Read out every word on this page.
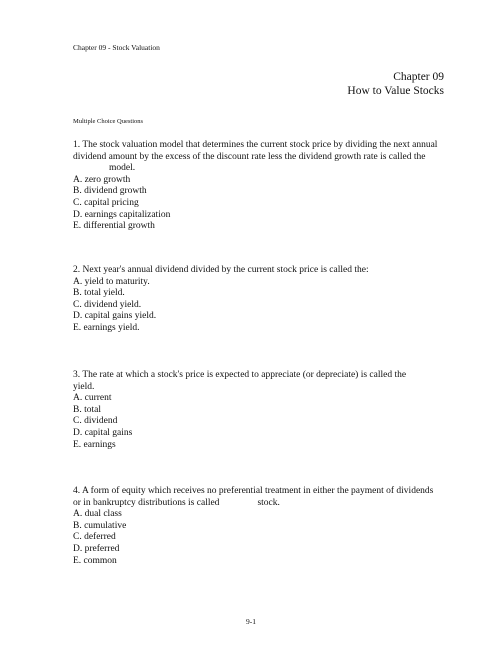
Chapter 09 - Stock Valuation
Chapter 09
How to Value Stocks
Multiple Choice Questions

1. The stock valuation model that determines the current stock price by dividing the next annual
dividend amount by the excess of the discount rate less the dividend growth rate is called the
model.

A. zero growth
B. dividend growth
C. capital pricing
D. earnings capitalization
E. differential growth

2. Next year's annual dividend divided by the current stock price is called the:

A. yield to maturity.
B. total yield.
C. dividend yield.
D. capital gains yield.
E. earnings yield.

3. The rate at which a stock's price is expected to appreciate (or depreciate) is called the
yield.

A. current
B. total
C. dividend
D. capital gains
E. earnings

4. A form of equity which receives no preferential treatment in either the payment of dividends
or in bankruptcy distributions is called	stock.

A. dual class
B. cumulative
C. deferred
D. preferred
E. common
9-1
